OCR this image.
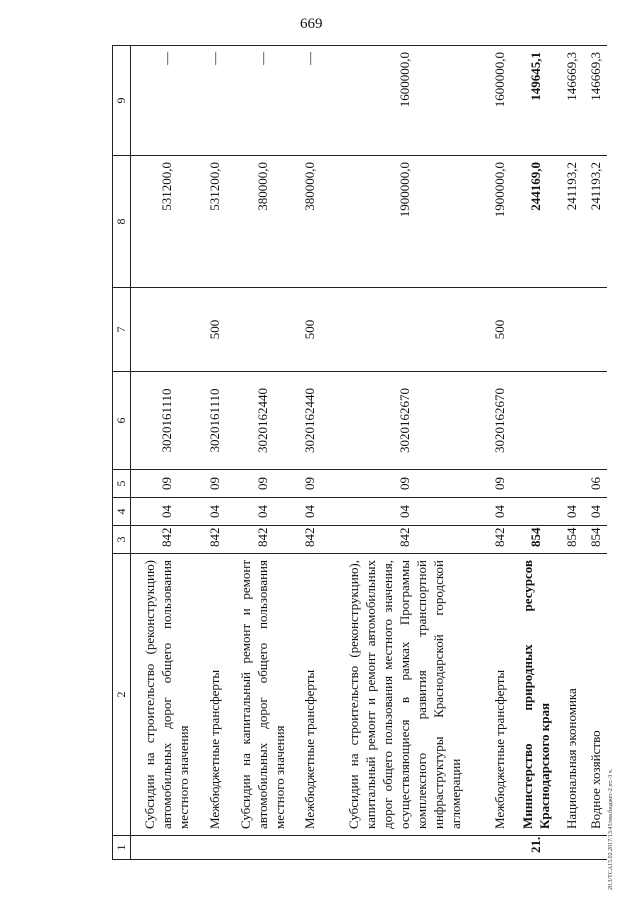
669
1	2	3	4	5	6	7	8	9
	Субсидии на строительство (реконструкцию) автомобильных дорог общего пользования местного значения	842	04	09	3020161110		531200,0	—
	Межбюджетные трансферты	842	04	09	3020161110	500	531200,0	—
	Субсидии на капитальный ремонт и ремонт автомобильных дорог общего пользования местного значения	842	04	09	3020162440		380000,0	—
	Межбюджетные трансферты	842	04	09	3020162440	500	380000,0	—
	Субсидии на строительство (реконструкцию), капитальный ремонт и ремонт автомобильных дорог общего пользования местного значения, осуществляющиеся в рамках Программы комплексного развития транспортной инфраструктуры Краснодарской городской агломерации	842	04	09	3020162670		1900000,0	1600000,0
	Межбюджетные трансферты	842	04	09	3020162670	500	1900000,0	1600000,0
21.	Министерство природных ресурсов Краснодарского края	854					244169,0	149645,1
	Национальная экономика	854	04				241193,2	146669,3
	Водное хозяйство	854	04	06			241193,2	146669,3
20.3/TCA15.02.2017/13:45/мм.бюджет-2 пт.-3 ч.
